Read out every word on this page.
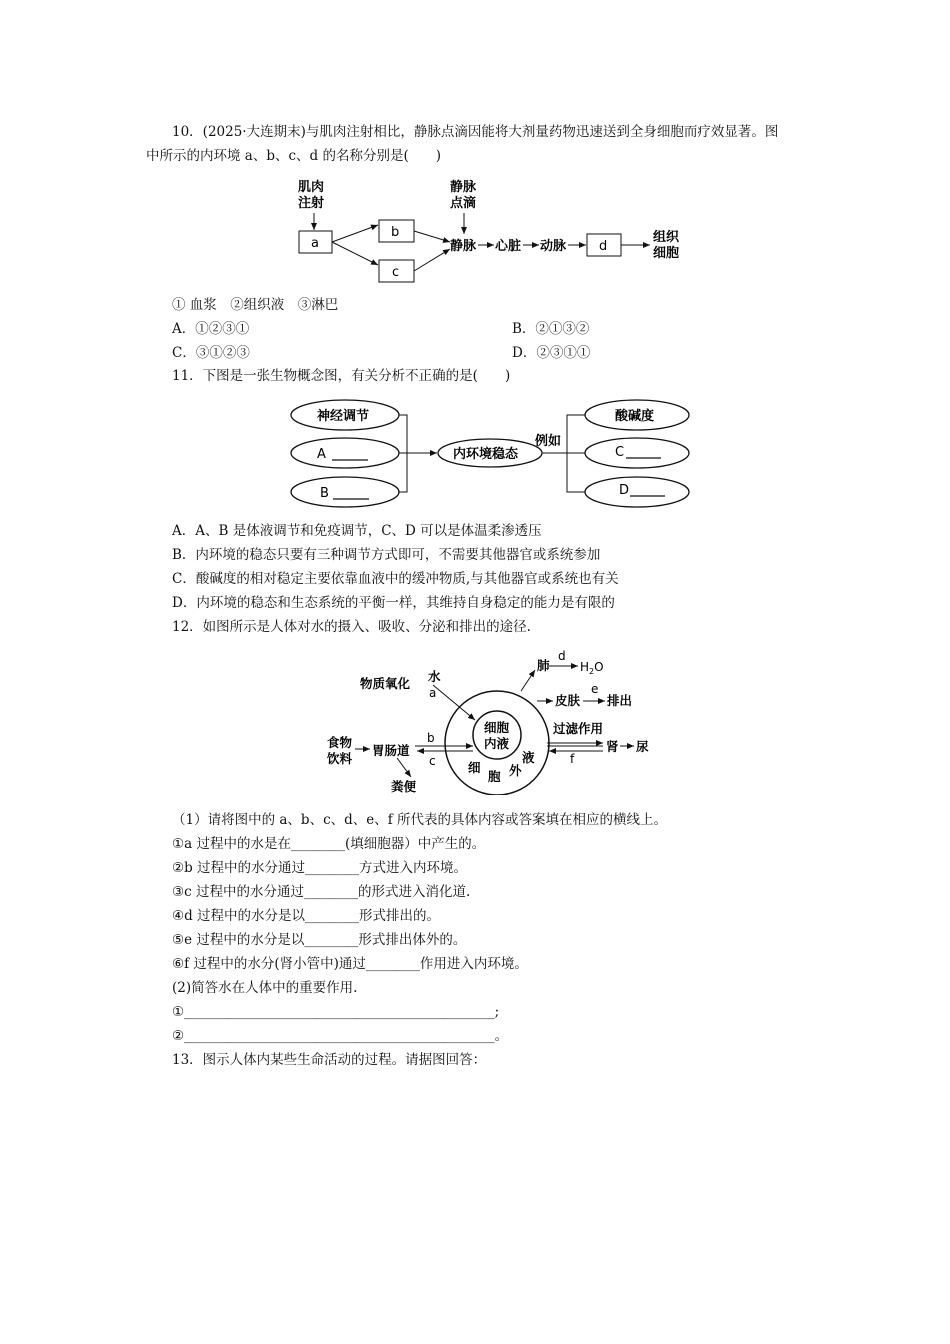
10．(2025·大连期末)与肌肉注射相比，静脉点滴因能将大剂量药物迅速送到全身细胞而疗效显著。图
中所示的内环境 a、b、c、d 的名称分别是(　　)
肌肉
注射
静脉
点滴
a
b
c
静脉 心脏 动脉
组织
细胞
d
① 血浆　②组织液　③淋巴
A．①②③①	B．②①③②
C．③①②③	D．②③①①
11．下图是一张生物概念图，有关分析不正确的是(　　)
神经调节
A
B
内环境稳态
例如
酸碱度
C
D
A．A、B 是体液调节和免疫调节，C、D 可以是体温柔渗透压
B．内环境的稳态只要有三种调节方式即可，不需要其他器官或系统参加
C．酸碱度的相对稳定主要依靠血液中的缓冲物质,与其他器官或系统也有关
D．内环境的稳态和生态系统的平衡一样，其维持自身稳定的能力是有限的
12．如图所示是人体对水的摄入、吸收、分泌和排出的途径.
细胞
内液
细
胞 外
液
物质氧化 水
食物
饮料
胃肠道
粪便
肺
皮肤 排出
过滤作用
肾 尿
a
b
c
d
e
f
$H_2O$
（1）请将图中的 a、b、c、d、e、f 所代表的具体内容或答案填在相应的横线上。
①a 过程中的水是在________(填细胞器）中产生的。
②b 过程中的水分通过________方式进入内环境。
③c 过程中的水分通过________的形式进入消化道.
④d 过程中的水分是以________形式排出的。
⑤e 过程中的水分是以________形式排出体外的。
⑥f 过程中的水分(肾小管中)通过________作用进入内环境。
(2)简答水在人体中的重要作用.
①______________________________________________;
②______________________________________________。
13．图示人体内某些生命活动的过程。请据图回答：
